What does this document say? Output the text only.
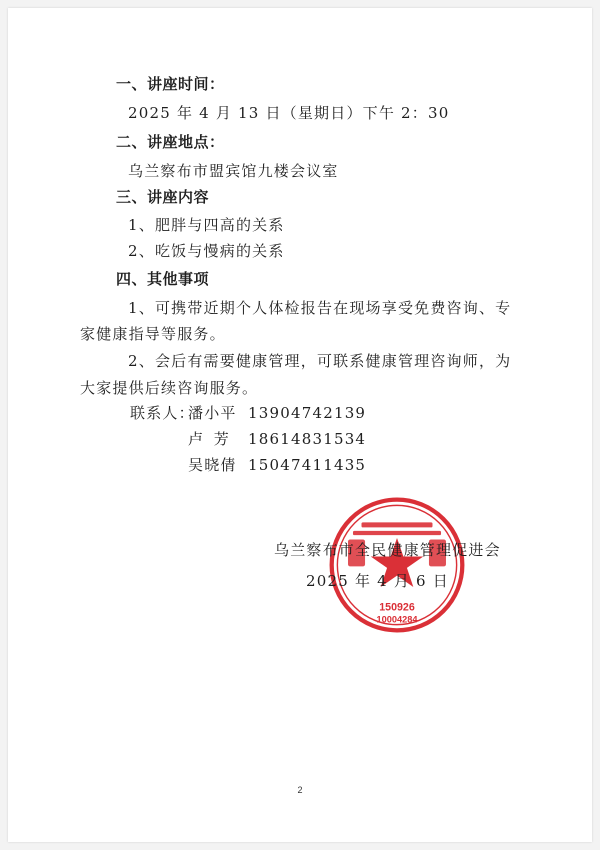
一、讲座时间：
2025 年 4 月 13 日（星期日）下午 2：30
二、讲座地点：
乌兰察布市盟宾馆九楼会议室
三、讲座内容
1、肥胖与四高的关系
2、吃饭与慢病的关系
四、其他事项
1、可携带近期个人体检报告在现场享受免费咨询、专
家健康指导等服务。
2、会后有需要健康管理，可联系健康管理咨询师，为
大家提供后续咨询服务。
联系人：
潘小平 13904742139
卢 芳 18614831534
吴晓倩 15047411435
150926
10004284
乌兰察布市全民健康管理促进会
2025 年 4 月 6 日
2
